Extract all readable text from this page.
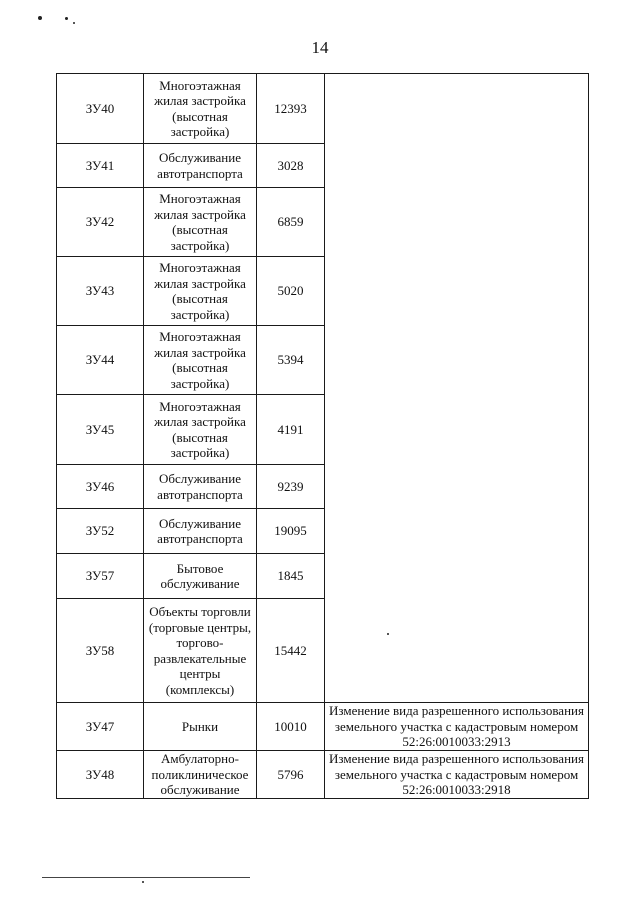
14
ЗУ40	Многоэтажная жилая застройка (высотная застройка)	12393	
ЗУ41	Обслуживание автотранспорта	3028	
ЗУ42	Многоэтажная жилая застройка (высотная застройка)	6859	
ЗУ43	Многоэтажная жилая застройка (высотная застройка)	5020	
ЗУ44	Многоэтажная жилая застройка (высотная застройка)	5394	
ЗУ45	Многоэтажная жилая застройка (высотная застройка)	4191	
ЗУ46	Обслуживание автотранспорта	9239	
ЗУ52	Обслуживание автотранспорта	19095	
ЗУ57	Бытовое обслуживание	1845	
ЗУ58	Объекты торговли (торговые центры, торгово-развлекательные центры (комплексы)	15442	
ЗУ47	Рынки	10010	Изменение вида разрешенного использования земельного участка с кадастровым номером 52:26:0010033:2913
ЗУ48	Амбулаторно-поликлиническое обслуживание	5796	Изменение вида разрешенного использования земельного участка с кадастровым номером 52:26:0010033:2918
